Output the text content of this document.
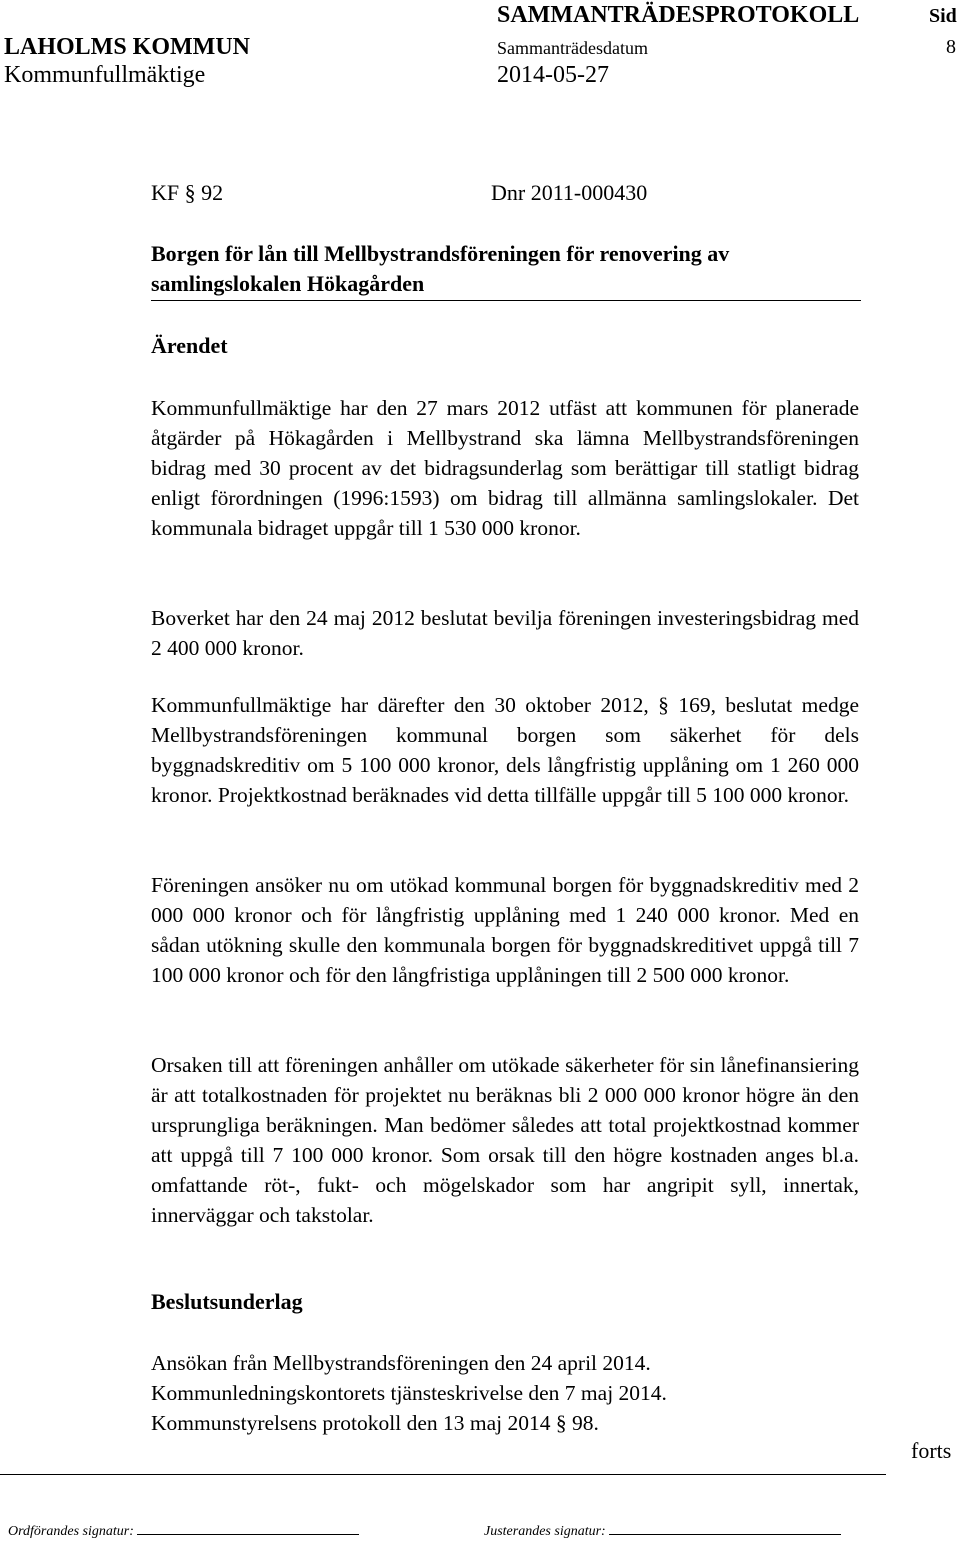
SAMMANTRÄDESPROTOKOLL	Sid
LAHOLMS KOMMUN	Sammanträdesdatum	8
Kommunfullmäktige	2014-05-27
KF § 92	Dnr 2011-000430
Borgen för lån till Mellbystrandsföreningen för renovering av
samlingslokalen Hökagården
Ärendet

Kommunfullmäktige har den 27 mars 2012 utfäst att kommunen för planerade åtgärder på Hökagården i Mellbystrand ska lämna Mellbystrandsföreningen bidrag med 30 procent av det bidragsunderlag som berättigar till statligt bidrag enligt förordningen (1996:1593) om bidrag till allmänna samlingslokaler. Det kommunala bidraget uppgår till 1 530 000 kronor.

Boverket har den 24 maj 2012 beslutat bevilja föreningen investeringsbidrag med 2 400 000 kronor.

Kommunfullmäktige har därefter den 30 oktober 2012, § 169, beslutat medge Mellbystrandsföreningen kommunal borgen som säkerhet för dels byggnadskreditiv om 5 100 000 kronor, dels långfristig upplåning om 1 260 000 kronor. Projektkostnad beräknades vid detta tillfälle uppgår till 5 100 000 kronor.

Föreningen ansöker nu om utökad kommunal borgen för byggnadskreditiv med 2 000 000 kronor och för långfristig upplåning med 1 240 000 kronor. Med en sådan utökning skulle den kommunala borgen för byggnadskreditivet uppgå till 7 100 000 kronor och för den långfristiga upplåningen till 2 500 000 kronor.

Orsaken till att föreningen anhåller om utökade säkerheter för sin lånefinansiering är att totalkostnaden för projektet nu beräknas bli 2 000 000 kronor högre än den ursprungliga beräkningen. Man bedömer således att total projektkostnad kommer att uppgå till 7 100 000 kronor. Som orsak till den högre kostnaden anges bl.a. omfattande röt-, fukt- och mögelskador som har angripit syll, innertak, innerväggar och takstolar.

Beslutsunderlag
Ansökan från Mellbystrandsföreningen den 24 april 2014.
Kommunledningskontorets tjänsteskrivelse den 7 maj 2014.
Kommunstyrelsens protokoll den 13 maj 2014 § 98.
forts
Ordförandes signatur:	Justerandes signatur:
